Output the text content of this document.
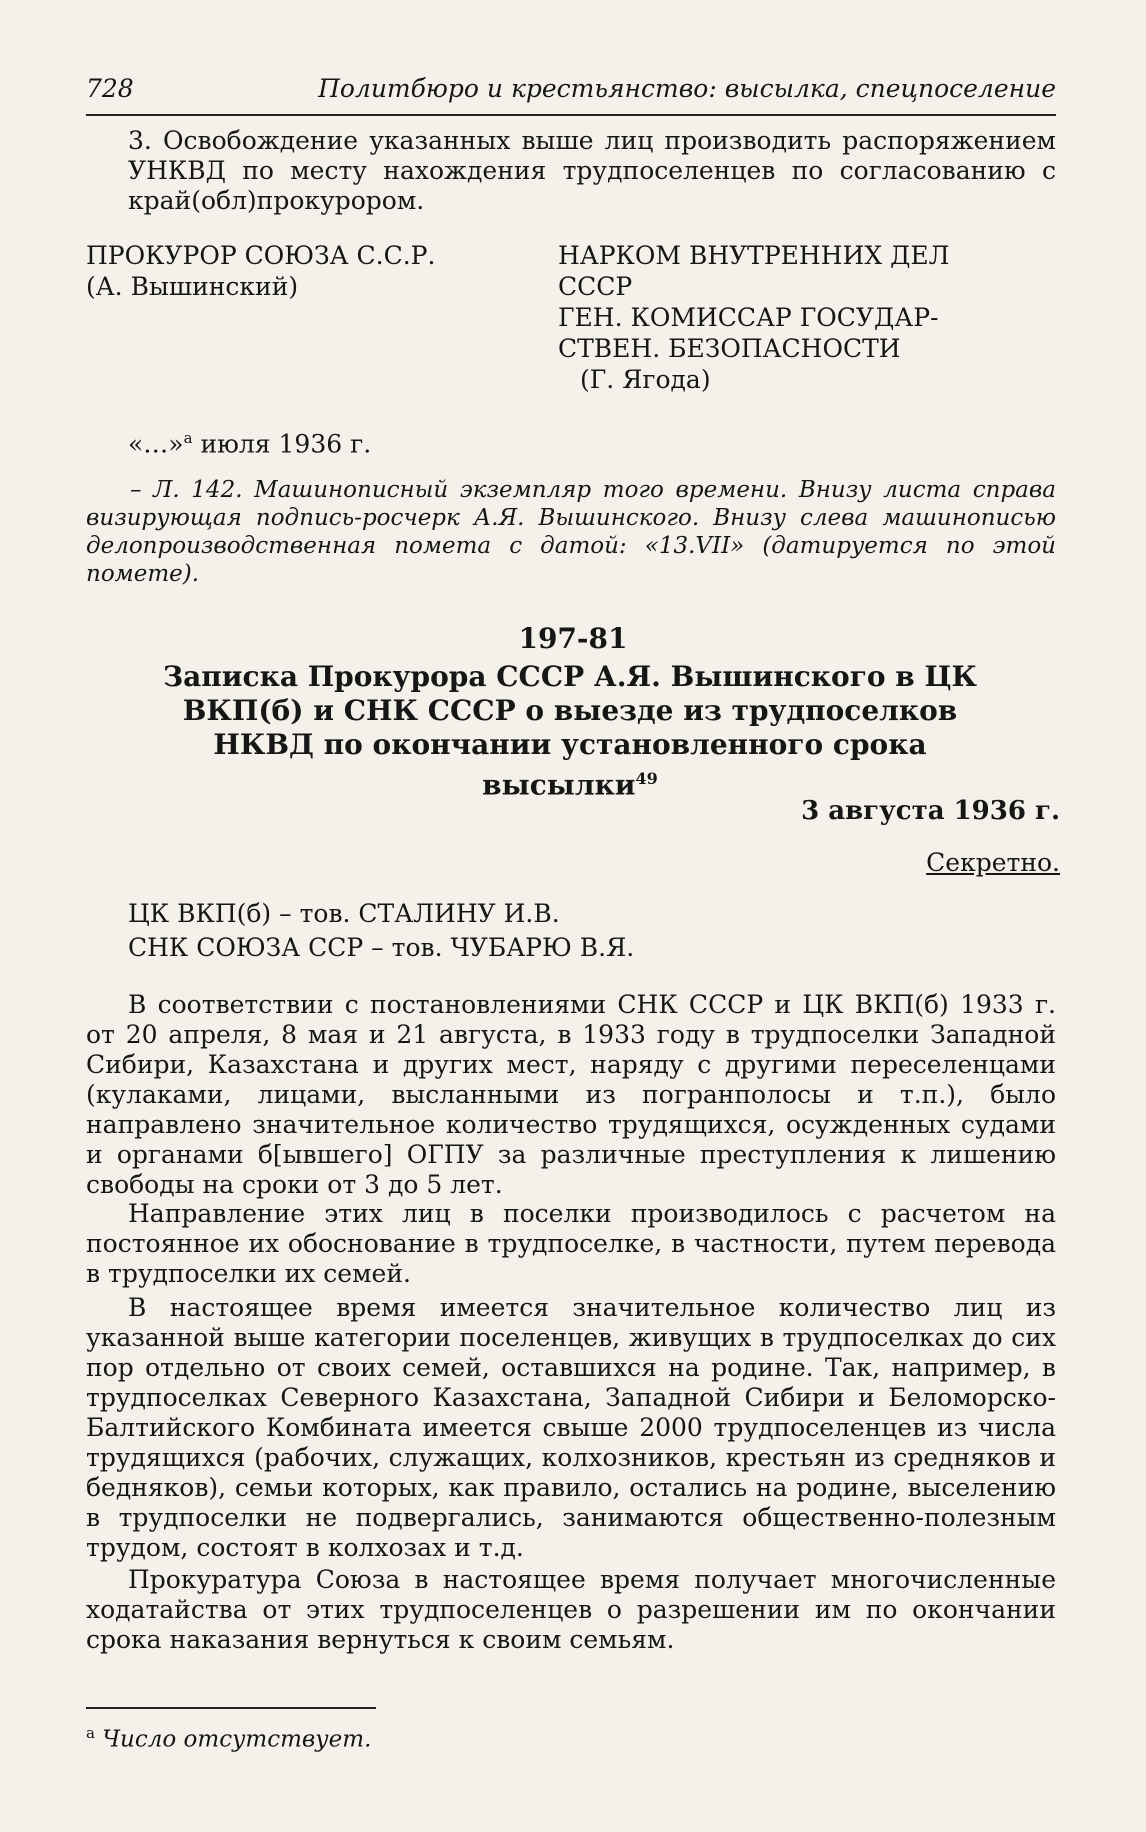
728	Политбюро и крестьянство: высылка, спецпоселение

3. Освобождение указанных выше лиц производить распоряжением УНКВД по месту нахождения трудпоселенцев по согласованию с край(обл)прокурором.

ПРОКУРОР СОЮЗА С.С.Р.
(А. Вышинский)
НАРКОМ ВНУТРЕННИХ ДЕЛ
СССР
ГЕН. КОМИССАР ГОСУДАР-
СТВЕН. БЕЗОПАСНОСТИ
(Г. Ягода)
«…»$^а$ июля 1936 г.

– Л. 142. Машинописный экземпляр того времени. Внизу листа справа визирующая подпись-росчерк А.Я. Вышинского. Внизу слева машинописью делопроизводственная помета с датой: «13.VII» (датируется по этой помете).

197-81

Записка Прокурора СССР А.Я. Вышинского в ЦК ВКП(б) и СНК СССР о выезде из трудпоселков НКВД по окончании установленного срока высылки$^{49}$

3 августа 1936 г.
Секретно.
ЦК ВКП(б) – тов. СТАЛИНУ И.В.
СНК СОЮЗА ССР – тов. ЧУБАРЮ В.Я.

В соответствии с постановлениями СНК СССР и ЦК ВКП(б) 1933 г. от 20 апреля, 8 мая и 21 августа, в 1933 году в трудпоселки Западной Сибири, Казахстана и других мест, наряду с другими переселенцами (кулаками, лицами, высланными из погранполосы и т.п.), было направлено значительное количество трудящихся, осужденных судами и органами б[ывшего] ОГПУ за различные преступления к лишению свободы на сроки от 3 до 5 лет.

Направление этих лиц в поселки производилось с расчетом на постоянное их обоснование в трудпоселке, в частности, путем перевода в трудпоселки их семей.

В настоящее время имеется значительное количество лиц из указанной выше категории поселенцев, живущих в трудпоселках до сих пор отдельно от своих семей, оставшихся на родине. Так, например, в трудпоселках Северного Казахстана, Западной Сибири и Беломорско-Балтийского Комбината имеется свыше 2000 трудпоселенцев из числа трудящихся (рабочих, служащих, колхозников, крестьян из средняков и бедняков), семьи которых, как правило, остались на родине, выселению в трудпоселки не подвергались, занимаются общественно-полезным трудом, состоят в колхозах и т.д.

Прокуратура Союза в настоящее время получает многочисленные ходатайства от этих трудпоселенцев о разрешении им по окончании срока наказания вернуться к своим семьям.

$^а$ Число отсутствует.
